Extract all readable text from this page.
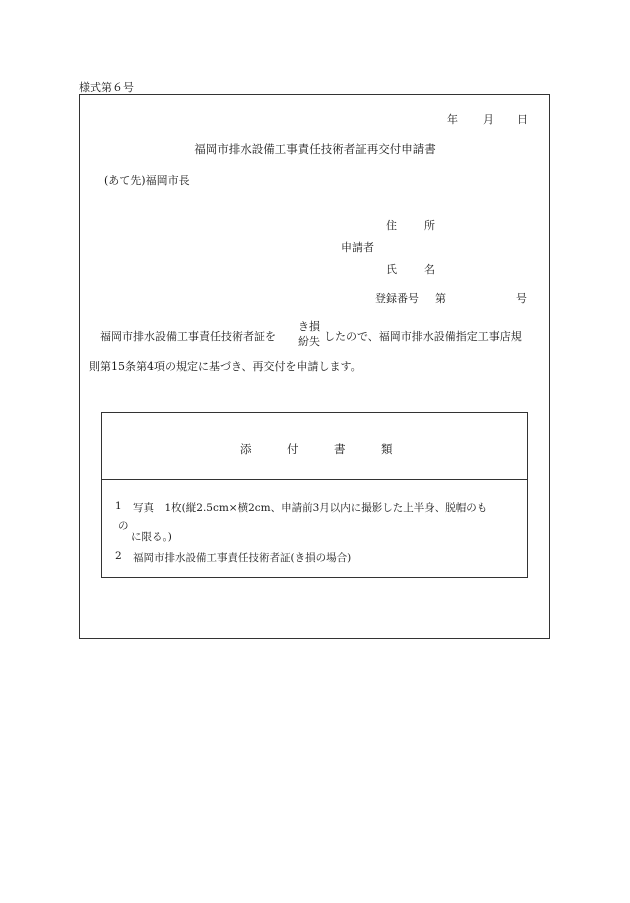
様式第６号
年 月 日
福岡市排水設備工事責任技術者証再交付申請書
(あて先)福岡市長
住 所
申請者
氏 名
登録番号 第	号
福岡市排水設備工事責任技術者証を
き損
紛失 したので、福岡市排水設備指定工事店規
則第15条第4項の規定に基づき、再交付を申請します。
添	付	書	類
1 写真　1枚(縦2.5cm×横2cm、申請前3月以内に撮影した上半身、脱帽のも
の
に限る。)
2 福岡市排水設備工事責任技術者証(き損の場合)
